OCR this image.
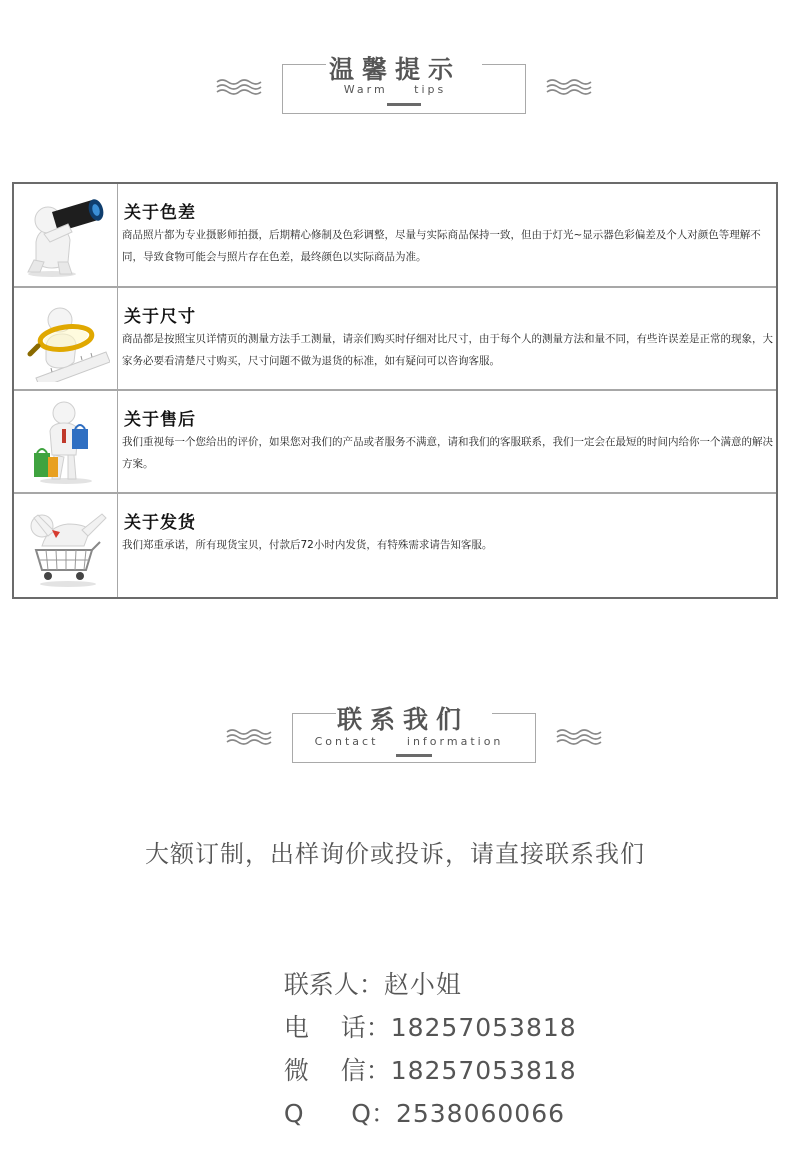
温馨提示
Warm tips
关于色差
商品照片都为专业摄影师拍摄，后期精心修制及色彩调整，尽量与实际商品保持一致，但由于灯光~显示器色彩偏差及个人对颜色等理解不同，导致食物可能会与照片存在色差，最终颜色以实际商品为准。
关于尺寸
商品都是按照宝贝详情页的测量方法手工测量，请亲们购买时仔细对比尺寸，由于每个人的测量方法和量不同，有些许误差是正常的现象，大家务必要看清楚尺寸购买，尺寸问题不做为退货的标准，如有疑问可以咨询客服。
关于售后
我们重视每一个您给出的评价，如果您对我们的产品或者服务不满意，请和我们的客服联系，我们一定会在最短的时间内给你一个满意的解决方案。
关于发货
我们郑重承诺，所有现货宝贝，付款后72小时内发货，有特殊需求请告知客服。
联系我们
Contact information
大额订制，出样询价或投诉，请直接联系我们

联系人：赵小姐

电    话：18257053818

微    信：18257053818

Q      Q：2538060066
